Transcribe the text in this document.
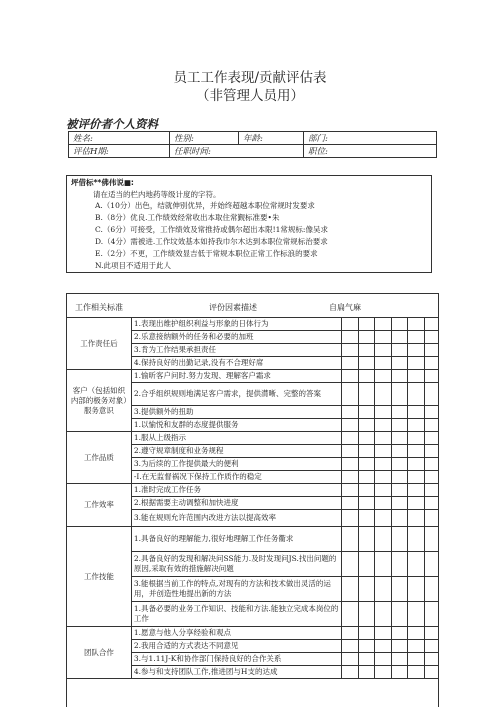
员工工作表现/贡献评估表
（非管理人员用）
被评价者个人资料
姓名:	性别:	年龄:	部门:
评估H期:	任职时间:		职位:
坪借标**佛伟说■:
请在适当的栏内地药等级计度的字符。
A.（10分）出色，结就伸别优异，并始终超越本职位常规时发要求
B.（8分）优良.工作绩效经常收出本取住常觐标准要•朱
C.（6分）可接受，工作绩效及常推持或偶尔超出本限!1常规标:像吴求
D.（4分）需被进.工作坟效基本如持我巾尔木达到本职位常规标治要求
E.（2分）不更，工作绩效显吉低于常规本职位正常工作标浪的要求
N.此项目不适用于此人
工作相关标准	评份因素描述	自扁气麻
工作责任后	1.表现出维护组织利益与形象的日体行为						
	2.乐意接纳额外的任务和必要的加班						
	3.肯为工作结果承担责任						
	4.保持良好的出勤记录,没有不合理好席						
客户（包括如织内部的极务对象）服务意识	1.愉昕客户问时.努力发现、理解客户霜求						
	2.合乎组织规则地满足客户需求，提供潸晰、完整的答案						
	3.提供额外的扭助						
	1.以愉悦和友群的态度提供服务						
工作品质	1.服从上级指示						
	2.遵守规章制度和业务规程						
	3.为后续的工作提供最大的便利						
	-I.在无监督祸况下保持工作质作的稳定						
工作效率	1.准时完成工作任务						
	2.根据需要主动调整和加快进度						
	3.能在规则允许范围内改进方法以提高效率						
工作技能	1.具备良好的理解能力,很好地理解工作任务衢求						
	2.具备良好的发现和解决问SS能力.及时发现问JS.找出问题的原因,采取有效的措施解决问题						
	3.能根据当前工作的特点,对现有的方法和技术做出灵活的运用，并创造性地提出新的方法						
	1.具备必要的业务工作知识、技能和方法.能独立完成本岗位的工作						
团队合作	1.愿意与他人分享经验和观点						
	2.我用合适的方式表达不同意见						
	3.与1.11J-K和协作部门保持良好的合作关系						
	4.参与和支持团队工作,推进团与H支的达成						
